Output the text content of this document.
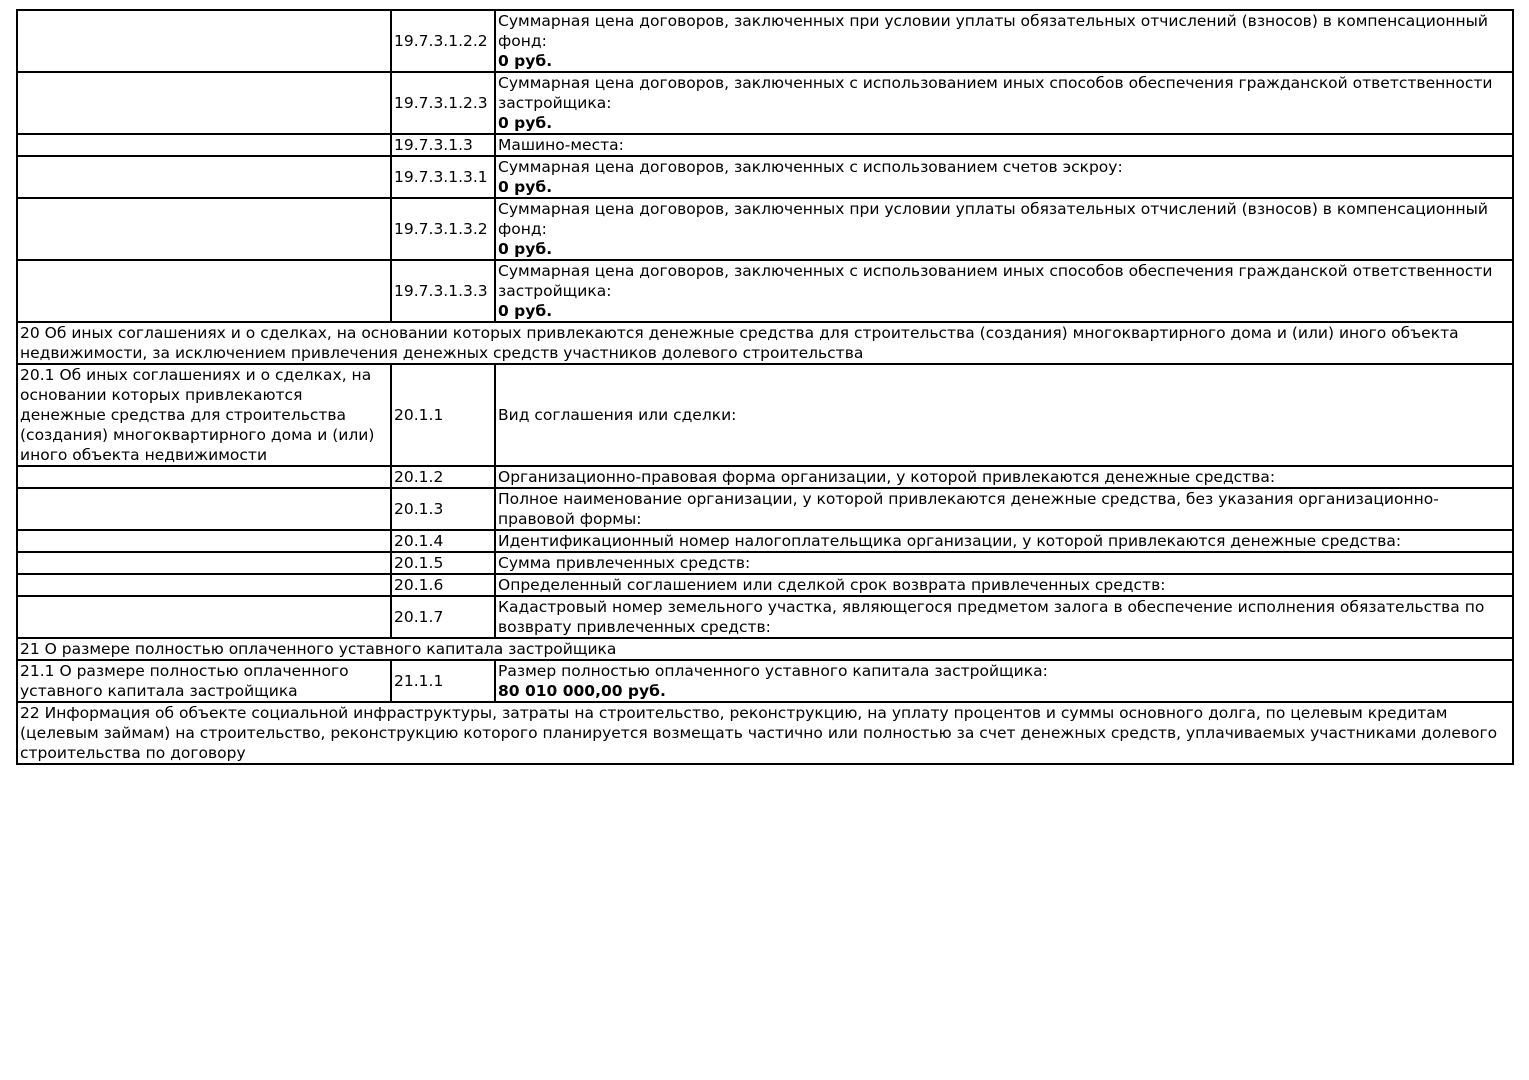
	19.7.3.1.2.2	Суммарная цена договоров, заключенных при условии уплаты обязательных отчислений (взносов) в компенсационный фонд:
0 руб.

	19.7.3.1.2.3	Суммарная цена договоров, заключенных с использованием иных способов обеспечения гражданской ответственности застройщика:
0 руб.

	19.7.3.1.3	Машино-места:
	19.7.3.1.3.1	Суммарная цена договоров, заключенных с использованием счетов эскроу:
0 руб.

	19.7.3.1.3.2	Суммарная цена договоров, заключенных при условии уплаты обязательных отчислений (взносов) в компенсационный фонд:
0 руб.

	19.7.3.1.3.3	Суммарная цена договоров, заключенных с использованием иных способов обеспечения гражданской ответственности застройщика:
0 руб.

20 Об иных соглашениях и о сделках, на основании которых привлекаются денежные средства для строительства (создания) многоквартирного дома и (или) иного объекта недвижимости, за исключением привлечения денежных средств участников долевого строительства		
20.1 Об иных соглашениях и о сделках, на основании которых привлекаются денежные средства для строительства (создания) многоквартирного дома и (или) иного объекта недвижимости	20.1.1	Вид соглашения или сделки:
	20.1.2	Организационно-правовая форма организации, у которой привлекаются денежные средства:
	20.1.3	Полное наименование организации, у которой привлекаются денежные средства, без указания организационно-правовой формы:
	20.1.4	Идентификационный номер налогоплательщика организации, у которой привлекаются денежные средства:
	20.1.5	Сумма привлеченных средств:
	20.1.6	Определенный соглашением или сделкой срок возврата привлеченных средств:
	20.1.7	Кадастровый номер земельного участка, являющегося предметом залога в обеспечение исполнения обязательства по возврату привлеченных средств:
21 О размере полностью оплаченного уставного капитала застройщика		
21.1 О размере полностью оплаченного уставного капитала застройщика	21.1.1	Размер полностью оплаченного уставного капитала застройщика:
80 010 000,00 руб.

22 Информация об объекте социальной инфраструктуры, затраты на строительство, реконструкцию, на уплату процентов и суммы основного долга, по целевым кредитам (целевым займам) на строительство, реконструкцию которого планируется возмещать частично или полностью за счет денежных средств, уплачиваемых участниками долевого строительства по договору		
